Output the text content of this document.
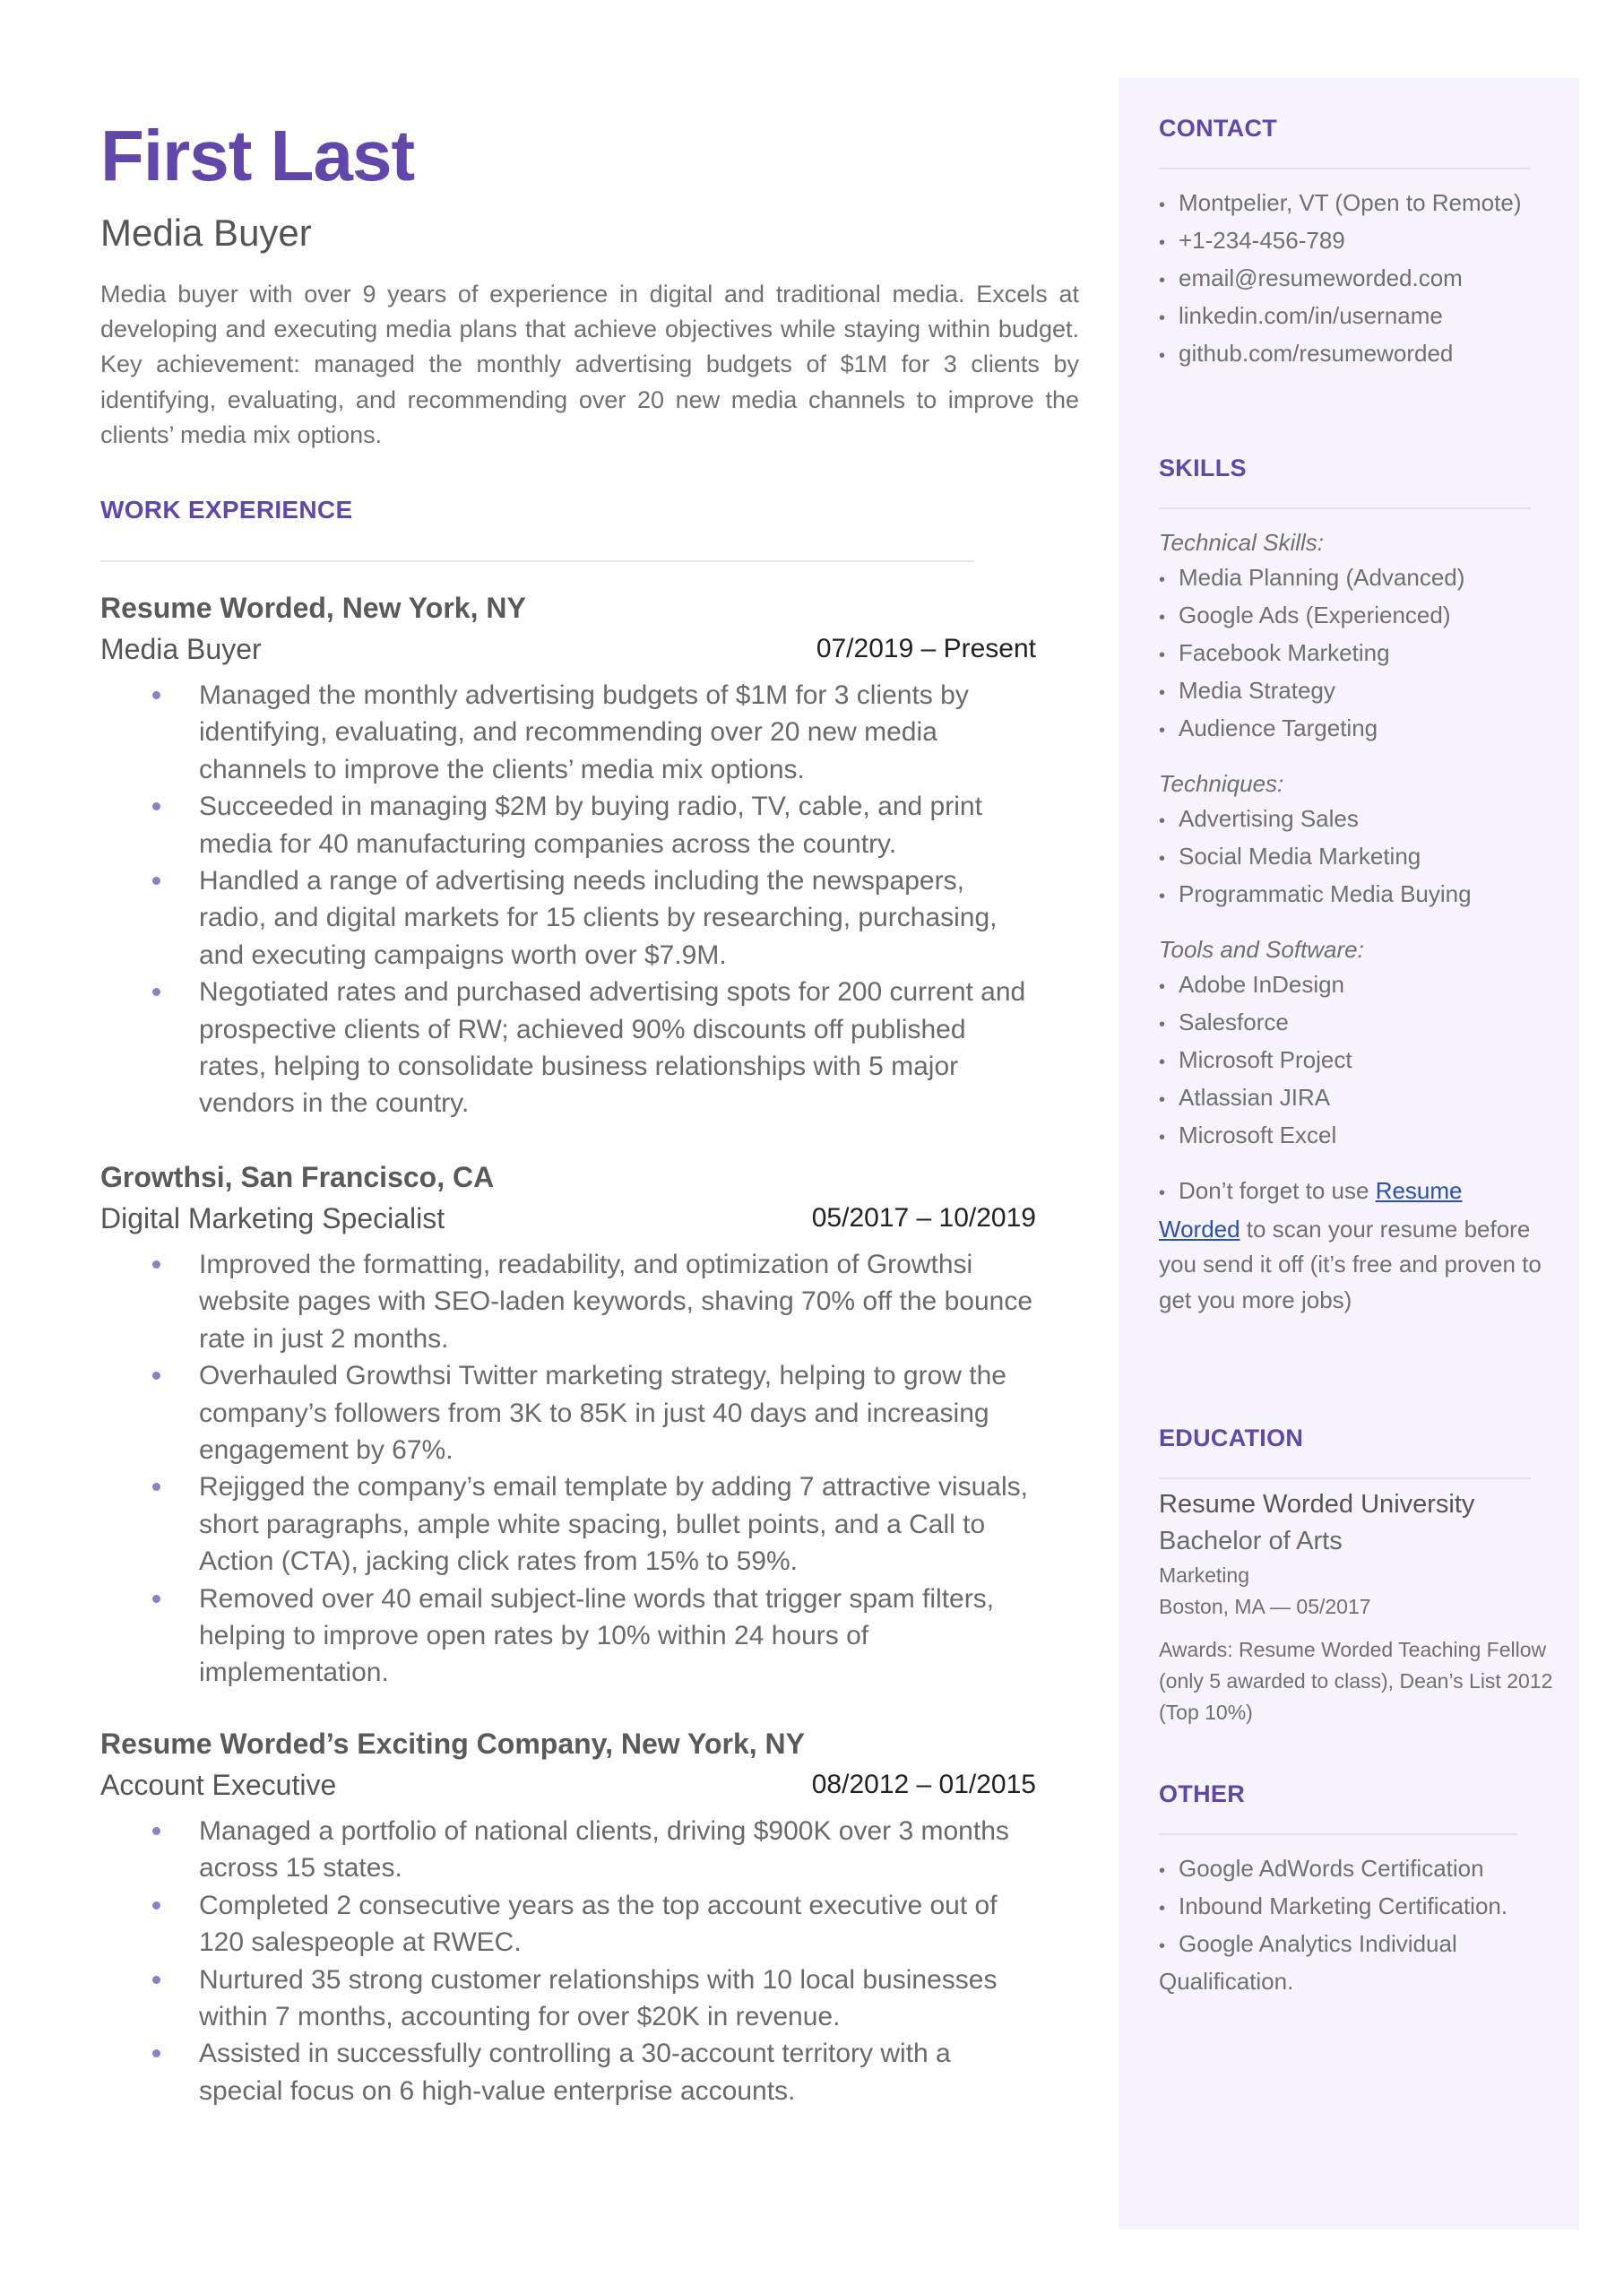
First Last
Media Buyer
Media buyer with over 9 years of experience in digital and traditional media. Excels at developing and executing media plans that achieve objectives while staying within budget. Key achievement: managed the monthly advertising budgets of $1M for 3 clients by identifying, evaluating, and recommending over 20 new media channels to improve the clients’ media mix options.
WORK EXPERIENCE
Resume Worded, New York, NY
Media Buyer	07/2019 – Present
Managed the monthly advertising budgets of $1M for 3 clients by identifying, evaluating, and recommending over 20 new media channels to improve the clients’ media mix options.
Succeeded in managing $2M by buying radio, TV, cable, and print media for 40 manufacturing companies across the country.
Handled a range of advertising needs including the newspapers, radio, and digital markets for 15 clients by researching, purchasing, and executing campaigns worth over $7.9M.
Negotiated rates and purchased advertising spots for 200 current and prospective clients of RW; achieved 90% discounts off published rates, helping to consolidate business relationships with 5 major vendors in the country.
Growthsi, San Francisco, CA
Digital Marketing Specialist	05/2017 – 10/2019
Improved the formatting, readability, and optimization of Growthsi website pages with SEO-laden keywords, shaving 70% off the bounce rate in just 2 months.
Overhauled Growthsi Twitter marketing strategy, helping to grow the company’s followers from 3K to 85K in just 40 days and increasing engagement by 67%.
Rejigged the company’s email template by adding 7 attractive visuals, short paragraphs, ample white spacing, bullet points, and a Call to Action (CTA), jacking click rates from 15% to 59%.
Removed over 40 email subject-line words that trigger spam filters, helping to improve open rates by 10% within 24 hours of implementation.
Resume Worded’s Exciting Company, New York, NY
Account Executive	08/2012 – 01/2015
Managed a portfolio of national clients, driving $900K over 3 months across 15 states.
Completed 2 consecutive years as the top account executive out of 120 salespeople at RWEC.
Nurtured 35 strong customer relationships with 10 local businesses within 7 months, accounting for over $20K in revenue.
Assisted in successfully controlling a 30-account territory with a special focus on 6 high-value enterprise accounts.
CONTACT
• Montpelier, VT (Open to Remote)
• +1-234-456-789
• email@resumeworded.com
• linkedin.com/in/username
• github.com/resumeworded
SKILLS
Technical Skills:
• Media Planning (Advanced)
• Google Ads (Experienced)
• Facebook Marketing
• Media Strategy
• Audience Targeting
Techniques:
• Advertising Sales
• Social Media Marketing
• Programmatic Media Buying
Tools and Software:
• Adobe InDesign
• Salesforce
• Microsoft Project
• Atlassian JIRA
• Microsoft Excel
• Don’t forget to use Resume Worded to scan your resume before you send it off (it’s free and proven to get you more jobs)
EDUCATION
Resume Worded University
Bachelor of Arts
Marketing
Boston, MA — 05/2017
Awards: Resume Worded Teaching Fellow (only 5 awarded to class), Dean’s List 2012 (Top 10%)
OTHER
• Google AdWords Certification
• Inbound Marketing Certification.
• Google Analytics Individual Qualification.
